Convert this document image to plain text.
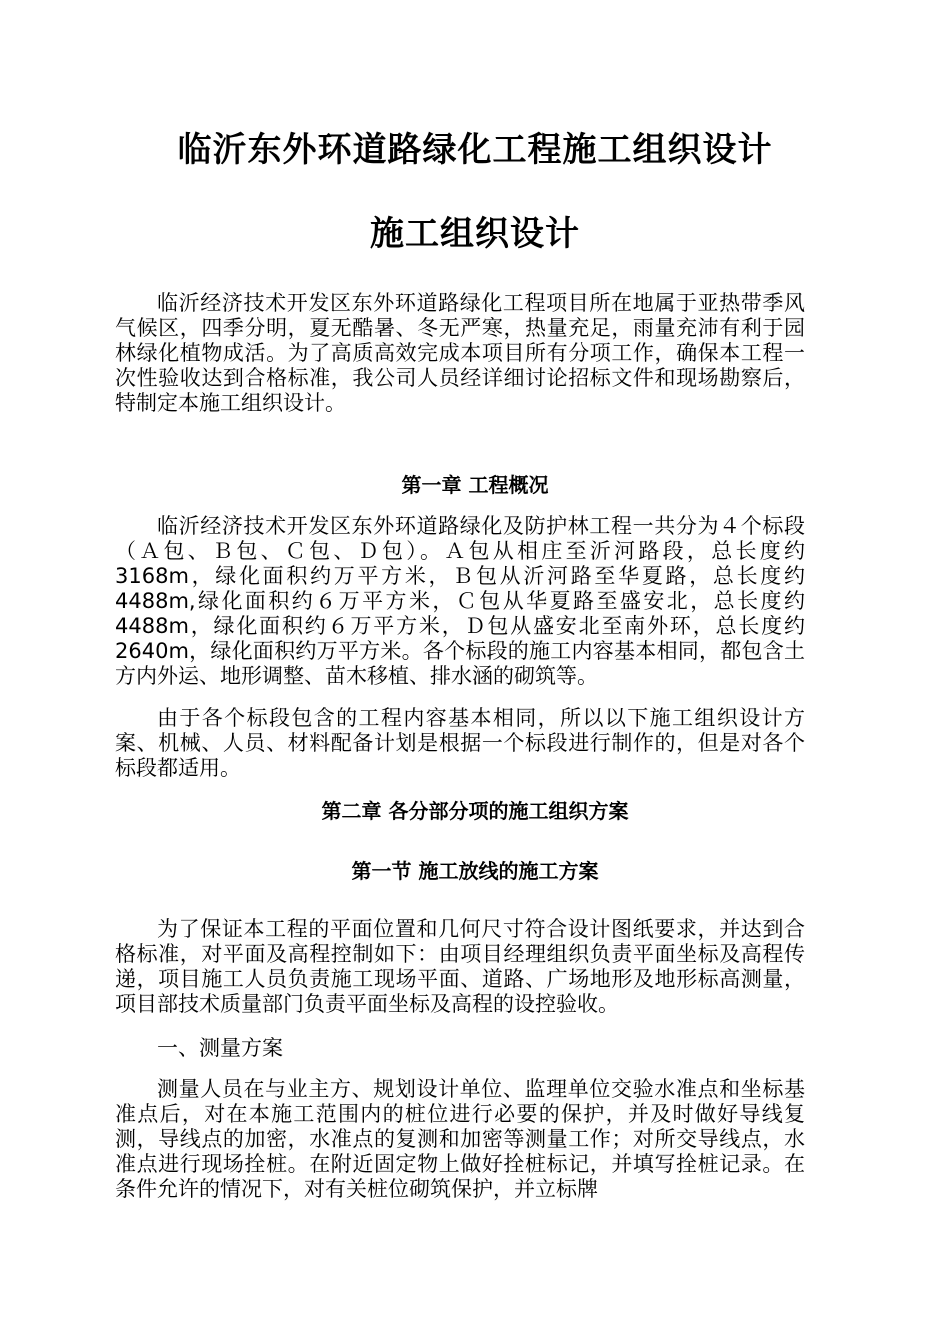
临沂东外环道路绿化工程施工组织设计
施工组织设计

临沂经济技术开发区东外环道路绿化工程项目所在地属于亚热带季风气候区，四季分明，夏无酷暑、冬无严寒，热量充足，雨量充沛有利于园林绿化植物成活。为了高质高效完成本项目所有分项工作，确保本工程一次性验收达到合格标准，我公司人员经详细讨论招标文件和现场勘察后，特制定本施工组织设计。

第一章 工程概况

临沂经济技术开发区东外环道路绿化及防护林工程一共分为４个标段（Ａ包、Ｂ包、Ｃ包、Ｄ包）。Ａ包从相庄至沂河路段，总长度约3168m，绿化面积约万平方米，Ｂ包从沂河路至华夏路，总长度约4488m,绿化面积约６万平方米，Ｃ包从华夏路至盛安北，总长度约4488m，绿化面积约６万平方米，Ｄ包从盛安北至南外环，总长度约2640m，绿化面积约万平方米。各个标段的施工内容基本相同，都包含土方内外运、地形调整、苗木移植、排水涵的砌筑等。

由于各个标段包含的工程内容基本相同，所以以下施工组织设计方案、机械、人员、材料配备计划是根据一个标段进行制作的，但是对各个标段都适用。

第二章 各分部分项的施工组织方案
第一节 施工放线的施工方案

为了保证本工程的平面位置和几何尺寸符合设计图纸要求，并达到合格标准，对平面及高程控制如下：由项目经理组织负责平面坐标及高程传递，项目施工人员负责施工现场平面、道路、广场地形及地形标高测量，项目部技术质量部门负责平面坐标及高程的设控验收。

一、测量方案

测量人员在与业主方、规划设计单位、监理单位交验水准点和坐标基准点后，对在本施工范围内的桩位进行必要的保护，并及时做好导线复测，导线点的加密，水准点的复测和加密等测量工作；对所交导线点，水准点进行现场拴桩。在附近固定物上做好拴桩标记，并填写拴桩记录。在条件允许的情况下，对有关桩位砌筑保护，并立标牌
